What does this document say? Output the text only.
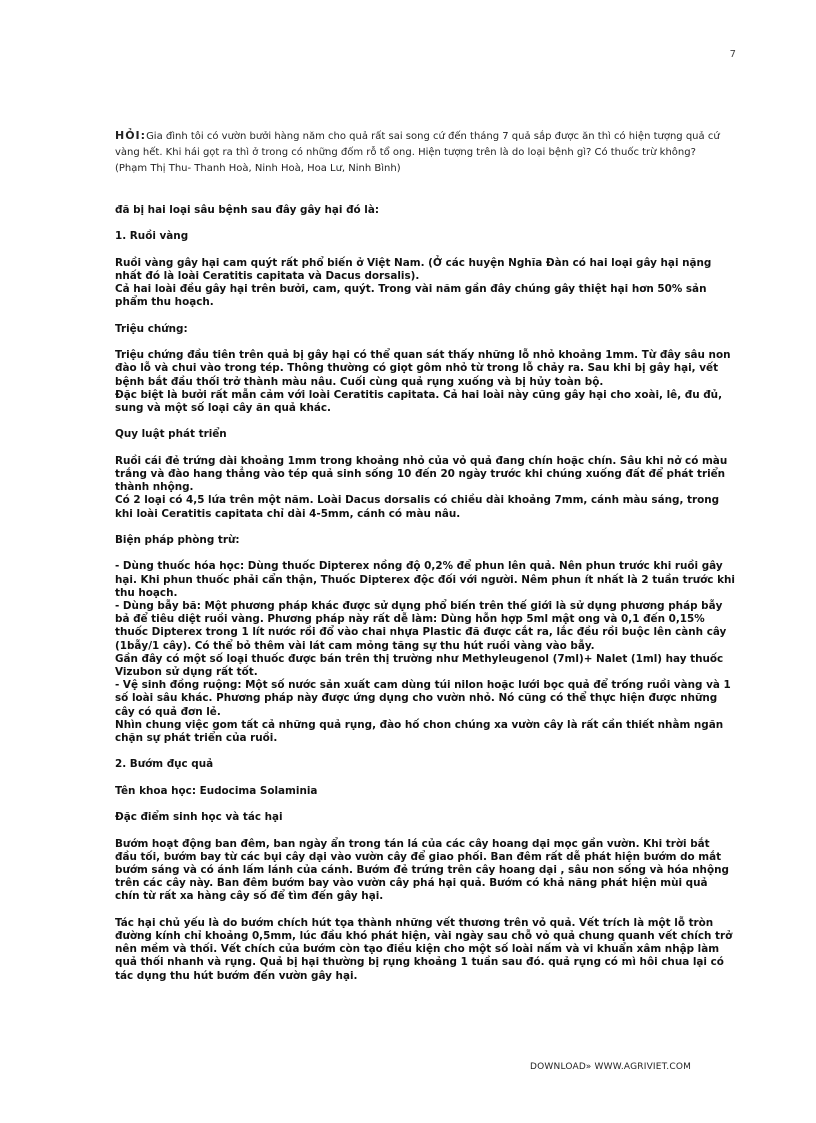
7
HỎI:Gia đình tôi có vườn bưởi hàng năm cho quả rất sai song cứ đến tháng 7 quả sắp được ăn thì có hiện tượng quả cứ vàng hết. Khi hái gọt ra thì ở trong có những đốm rỗ tổ ong. Hiện tượng trên là do loại bệnh gì? Có thuốc trừ không? (Phạm Thị Thu- Thanh Hoà, Ninh Hoà, Hoa Lư, Ninh Bình)

đã bị hai loại sâu bệnh sau đây gây hại đó là:

1. Ruồi vàng

Ruồi vàng gây hại cam quýt rất phổ biến ở Việt Nam. (Ở các huyện Nghĩa Đàn có hai loại gây hại nặng nhất đó là loài Ceratitis capitata và Dacus dorsalis).
Cả hai loài đều gây hại trên bưởi, cam, quýt. Trong vài năm gần đây chúng gây thiệt hại hơn 50% sản phẩm thu hoạch.

Triệu chứng:

Triệu chứng đầu tiên trên quả bị gây hại có thể quan sát thấy những lỗ nhỏ khoảng 1mm. Từ đây sâu non đào lỗ và chui vào trong tép. Thông thường có giọt gôm nhỏ từ trong lỗ chảy ra. Sau khi bị gây hại, vết bệnh bắt đầu thối trở thành màu nâu. Cuối cùng quả rụng xuống và bị hủy toàn bộ.
Đặc biệt là bưởi rất mẫn cảm với loài Ceratitis capitata. Cả hai loài này cũng gây hại cho xoài, lê, đu đủ, sung và một số loại cây ăn quả khác.

Quy luật phát triển

Ruồi cái đẻ trứng dài khoảng 1mm trong khoảng nhỏ của vỏ quả đang chín hoặc chín. Sâu khi nở có màu trắng và đào hang thẳng vào tép quả sinh sống 10 đến 20 ngày trước khi chúng xuống đất để phát triển thành nhộng.
Có 2 loại có 4,5 lứa trên một năm. Loài Dacus dorsalis có chiều dài khoảng 7mm, cánh màu sáng, trong khi loài Ceratitis capitata chỉ dài 4-5mm, cánh có màu nâu.

Biện pháp phòng trừ:

- Dùng thuốc hóa học: Dùng thuốc Dipterex nồng độ 0,2% để phun lên quả. Nên phun trước khi ruồi gây hại. Khi phun thuốc phải cẩn thận, Thuốc Dipterex độc đối với người. Nêm phun ít nhất là 2 tuần trước khi thu hoạch.
- Dùng bẫy bã: Một phương pháp khác được sử dụng phổ biến trên thế giới là sử dụng phương pháp bẫy bả để tiêu diệt ruồi vàng. Phương pháp này rất dễ làm: Dùng hỗn hợp 5ml mật ong và 0,1 đến 0,15% thuốc Dipterex trong 1 lít nước rồi đổ vào chai nhựa Plastic đã được cắt ra, lắc đều rồi buộc lên cành cây (1bẫy/1 cây). Có thể bỏ thêm vài lát cam mỏng tăng sự thu hút ruồi vàng vào bẫy.
Gần đây có một số loại thuốc được bán trên thị trường như Methyleugenol (7ml)+ Nalet (1ml) hay thuốc Vizubon sử dụng rất tốt.
- Vệ sinh đồng ruộng: Một số nước sản xuất cam dùng túi nilon hoặc lưới bọc quả để trống ruồi vàng và 1 số loài sâu khác. Phương pháp này được ứng dụng cho vườn nhỏ. Nó cũng có thể thực hiện được những cây có quả đơn lẻ.
Nhìn chung việc gom tất cả những quả rụng, đào hố chon chúng xa vườn cây là rất cần thiết nhằm ngăn chặn sự phát triển của ruồi.

2. Bướm đục quả

Tên khoa học: Eudocima Solaminia

Đặc điểm sinh học và tác hại

Bướm hoạt động ban đêm, ban ngày ẩn trong tán lá của các cây hoang dại mọc gần vườn. Khi trời bắt đầu tối, bướm bay từ các bụi cây dại vào vườn cây để giao phối. Ban đêm rất dễ phát hiện bướm do mắt bướm sáng và có ánh lấm lánh của cánh. Bướm đẻ trứng trên cây hoang dại , sâu non sống và hóa nhộng trên các cây này. Ban đêm bướm bay vào vườn cây phá hại quả. Bướm có khả năng phát hiện mùi quả chín từ rất xa hàng cây số để tìm đến gây hại.

Tác hại chủ yếu là do bướm chích hút tọa thành những vết thương trên vỏ quả. Vết trích là một lỗ tròn đường kính chỉ khoảng 0,5mm, lúc đầu khó phát hiện, vài ngày sau chỗ vỏ quả chung quanh vết chích trở nên mềm và thối. Vết chích của bướm còn tạo điều kiện cho một số loài nấm và vi khuẩn xâm nhập làm quả thối nhanh và rụng. Quả bị hại thường bị rụng khoảng 1 tuần sau đó. quả rụng có mì hôi chua lại có tác dụng thu hút bướm đến vườn gây hại.

DOWNLOAD» WWW.AGRIVIET.COM
